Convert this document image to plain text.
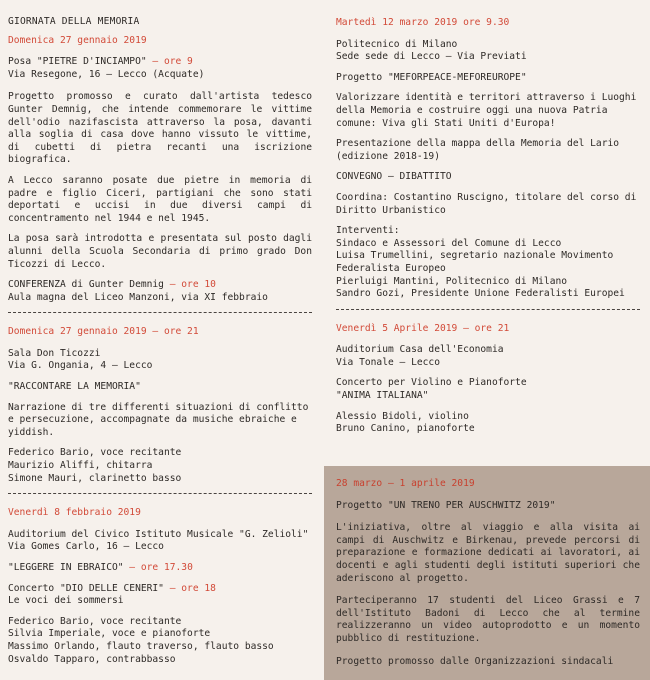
GIORNATA DELLA MEMORIA
Domenica 27 gennaio 2019

Posa "PIETRE D'INCIAMPO" – ore 9
Via Resegone, 16 – Lecco (Acquate)

Progetto promosso e curato dall'artista tedesco Gunter Demnig, che intende commemorare le vittime dell'odio nazifascista attraverso la posa, davanti alla soglia di casa dove hanno vissuto le vittime, di cubetti di pietra recanti una iscrizione biografica.

A Lecco saranno posate due pietre in memoria di padre e figlio Ciceri, partigiani che sono stati deportati e uccisi in due diversi campi di concentramento nel 1944 e nel 1945.

La posa sarà introdotta e presentata sul posto dagli alunni della Scuola Secondaria di primo grado Don Ticozzi di Lecco.

CONFERENZA di Gunter Demnig – ore 10
Aula magna del Liceo Manzoni, via XI febbraio

Domenica 27 gennaio 2019 – ore 21

Sala Don Ticozzi
Via G. Ongania, 4 – Lecco

"RACCONTARE LA MEMORIA"

Narrazione di tre differenti situazioni di conflitto e persecuzione, accompagnate da musiche ebraiche e yiddish.

Federico Bario, voce recitante
Maurizio Aliffi, chitarra
Simone Mauri, clarinetto basso

Venerdì 8 febbraio 2019

Auditorium del Civico Istituto Musicale "G. Zelioli"
Via Gomes Carlo, 16 – Lecco

"LEGGERE IN EBRAICO" – ore 17.30

Concerto "DIO DELLE CENERI" – ore 18
Le voci dei sommersi

Federico Bario, voce recitante
Silvia Imperiale, voce e pianoforte
Massimo Orlando, flauto traverso, flauto basso
Osvaldo Tapparo, contrabbasso

Martedì 12 marzo 2019 ore 9.30

Politecnico di Milano
Sede sede di Lecco – Via Previati

Progetto "MEFORPEACE-MEFOREUROPE"

Valorizzare identità e territori attraverso i Luoghi della Memoria e costruire oggi una nuova Patria comune: Viva gli Stati Uniti d'Europa!

Presentazione della mappa della Memoria del Lario (edizione 2018-19)

CONVEGNO – DIBATTITO

Coordina: Costantino Ruscigno, titolare del corso di Diritto Urbanistico

Interventi:
Sindaco e Assessori del Comune di Lecco
Luisa Trumellini, segretario nazionale Movimento Federalista Europeo
Pierluigi Mantini, Politecnico di Milano
Sandro Gozi, Presidente Unione Federalisti Europei

Venerdì 5 Aprile 2019 – ore 21

Auditorium Casa dell'Economia
Via Tonale – Lecco

Concerto per Violino e Pianoforte
"ANIMA ITALIANA"

Alessio Bidoli, violino
Bruno Canino, pianoforte

28 marzo – 1 aprile 2019

Progetto "UN TRENO PER AUSCHWITZ 2019"

L'iniziativa, oltre al viaggio e alla visita ai campi di Auschwitz e Birkenau, prevede percorsi di preparazione e formazione dedicati ai lavoratori, ai docenti e agli studenti degli istituti superiori che aderiscono al progetto.

Parteciperanno 17 studenti del Liceo Grassi e 7 dell'Istituto Badoni di Lecco che al termine realizzeranno un video autoprodotto e un momento pubblico di restituzione.

Progetto promosso dalle Organizzazioni sindacali
